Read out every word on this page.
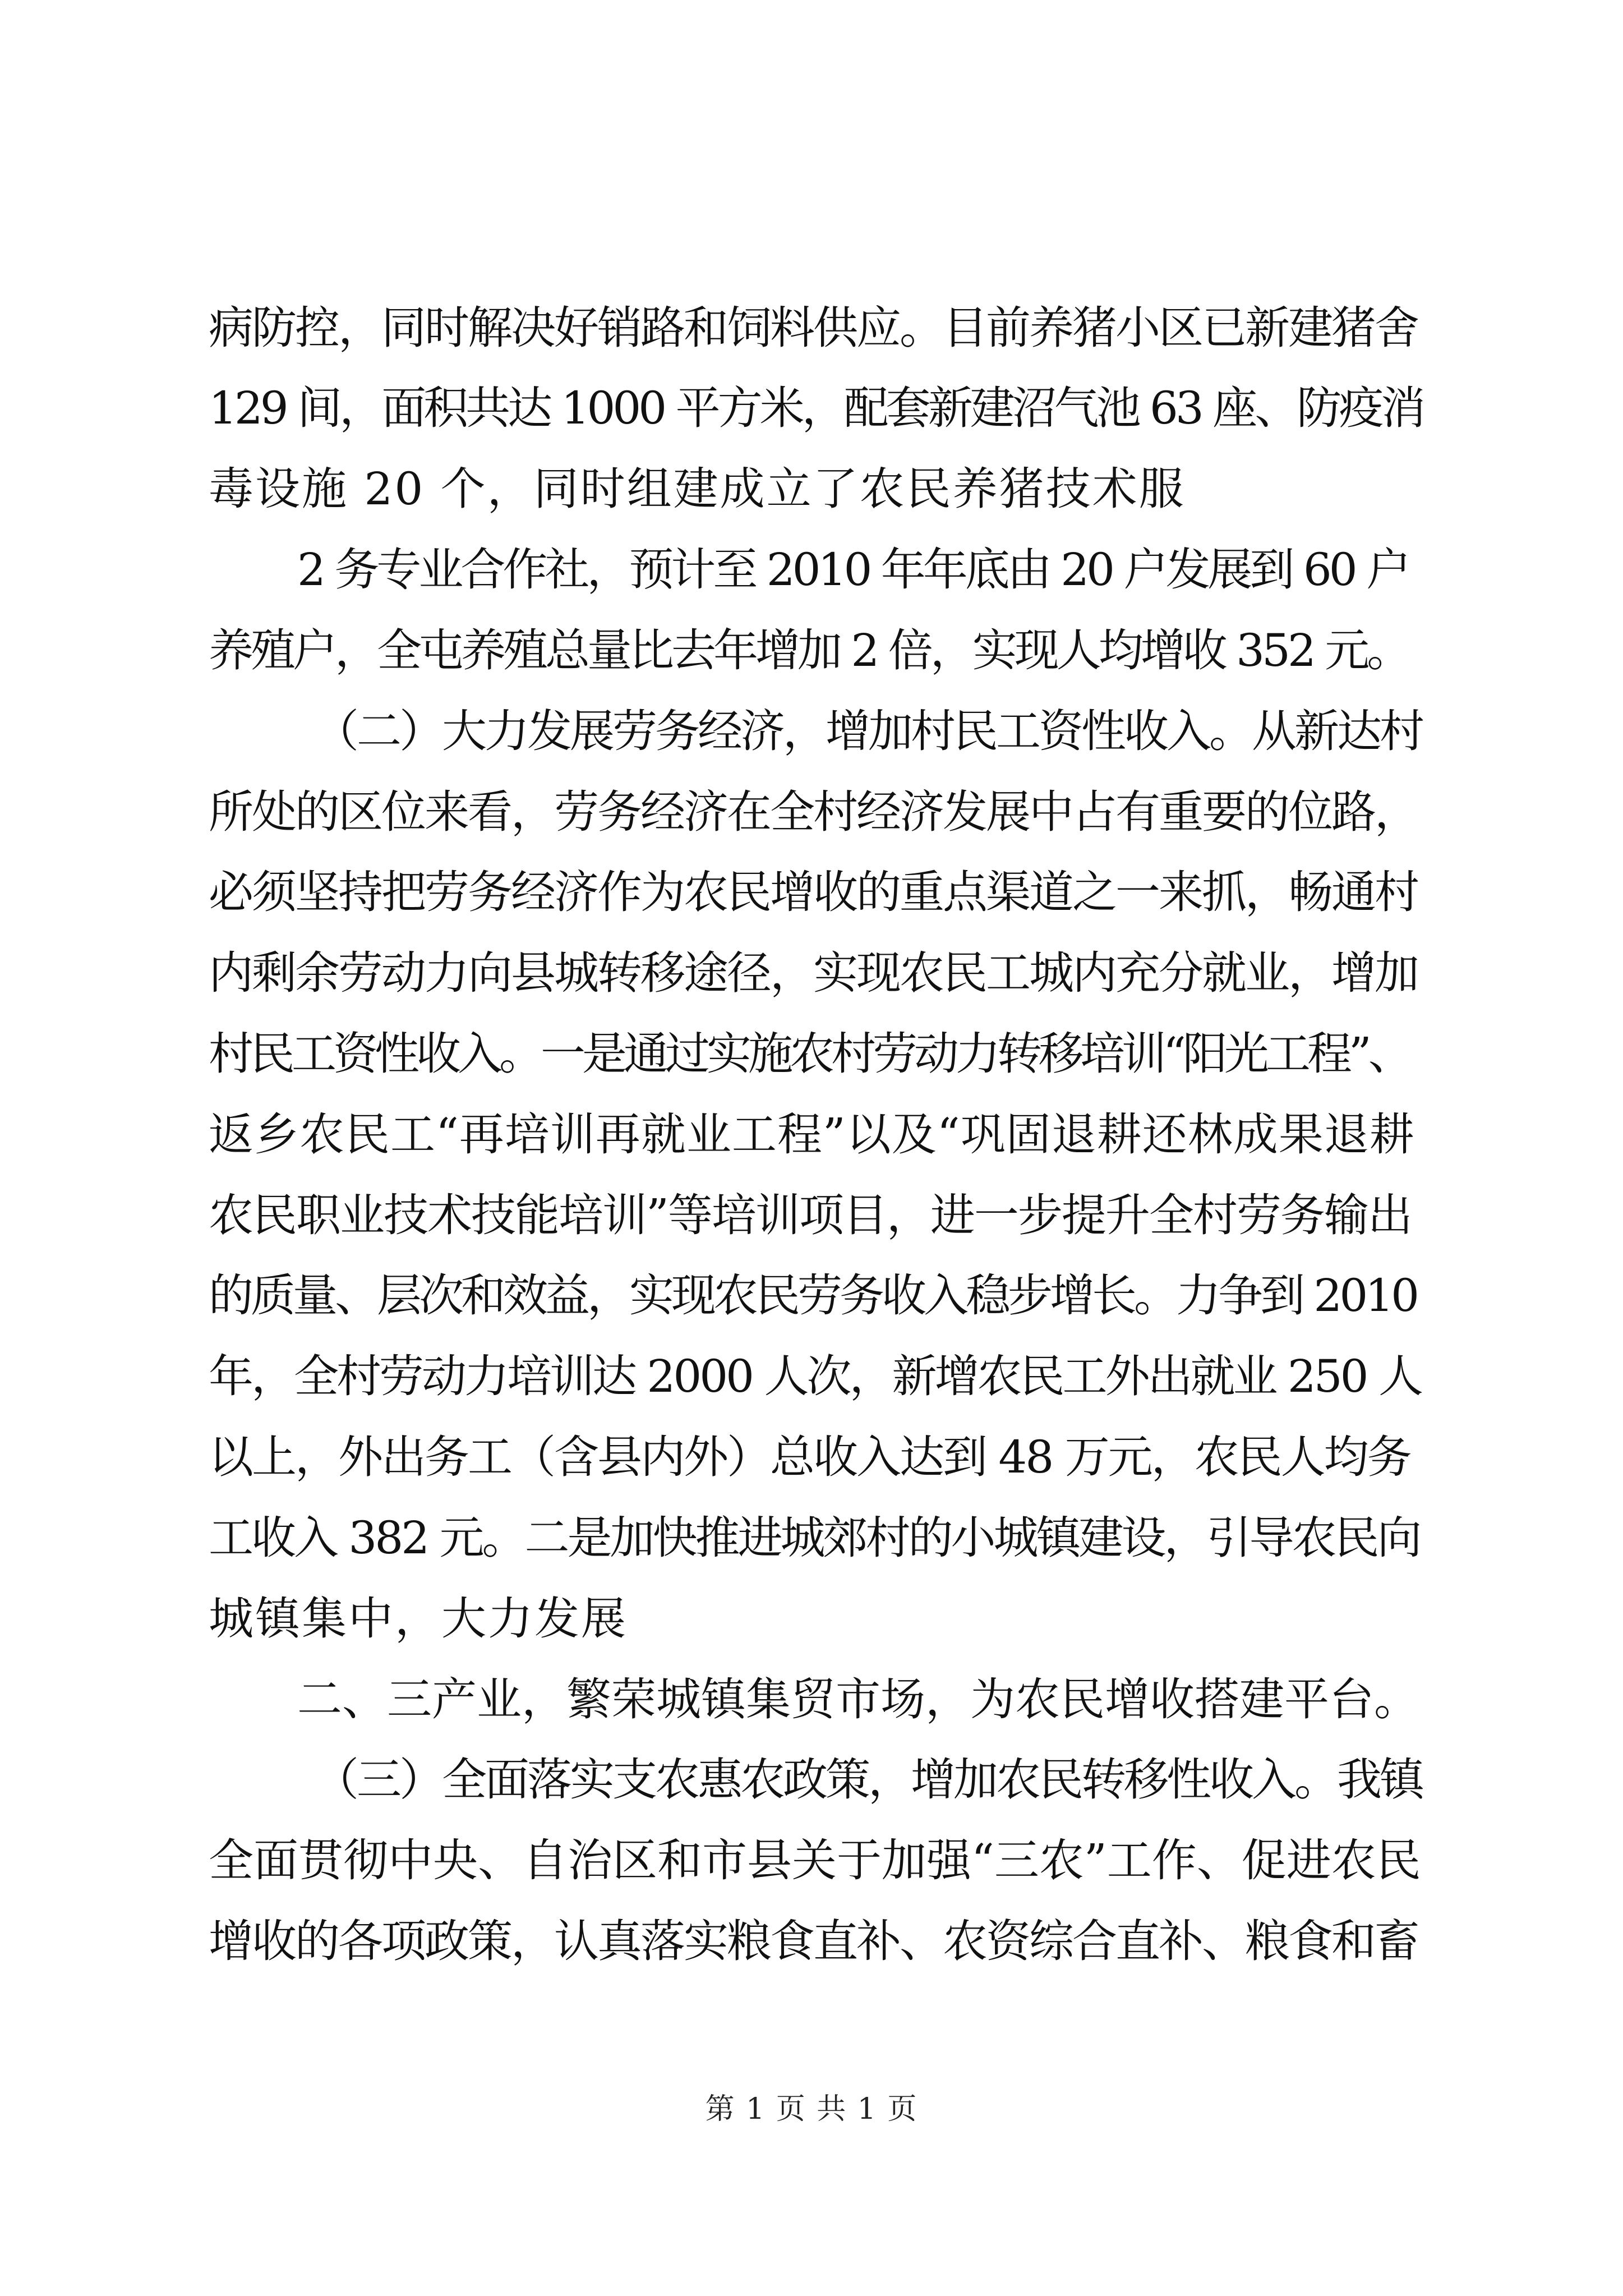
病防控，同时解决好销路和饲料供应。目前养猪小区已新建猪舍
129 间，面积共达 1000 平方米，配套新建沼气池 63 座、防疫消
毒设施 20 个，同时组建成立了农民养猪技术服
2 务专业合作社，预计至 2010 年年底由 20 户发展到 60 户
养殖户，全屯养殖总量比去年增加 2 倍，实现人均增收 352 元。
（二）大力发展劳务经济，增加村民工资性收入。从新达村
所处的区位来看，劳务经济在全村经济发展中占有重要的位路，
必须坚持把劳务经济作为农民增收的重点渠道之一来抓，畅通村
内剩余劳动力向县城转移途径，实现农民工城内充分就业，增加
村民工资性收入。一是通过实施农村劳动力转移培训“阳光工程”、
返乡农民工“再培训再就业工程”以及“巩固退耕还林成果退耕
农民职业技术技能培训”等培训项目，进一步提升全村劳务输出
的质量、层次和效益，实现农民劳务收入稳步增长。力争到 2010
年，全村劳动力培训达 2000 人次，新增农民工外出就业 250 人
以上，外出务工（含县内外）总收入达到 48 万元，农民人均务
工收入 382 元。二是加快推进城郊村的小城镇建设，引导农民向
城镇集中，大力发展
二、三产业，繁荣城镇集贸市场，为农民增收搭建平台。
（三）全面落实支农惠农政策，增加农民转移性收入。我镇
全面贯彻中央、自治区和市县关于加强“三农”工作、促进农民
增收的各项政策，认真落实粮食直补、农资综合直补、粮食和畜
第 1 页 共 1 页
